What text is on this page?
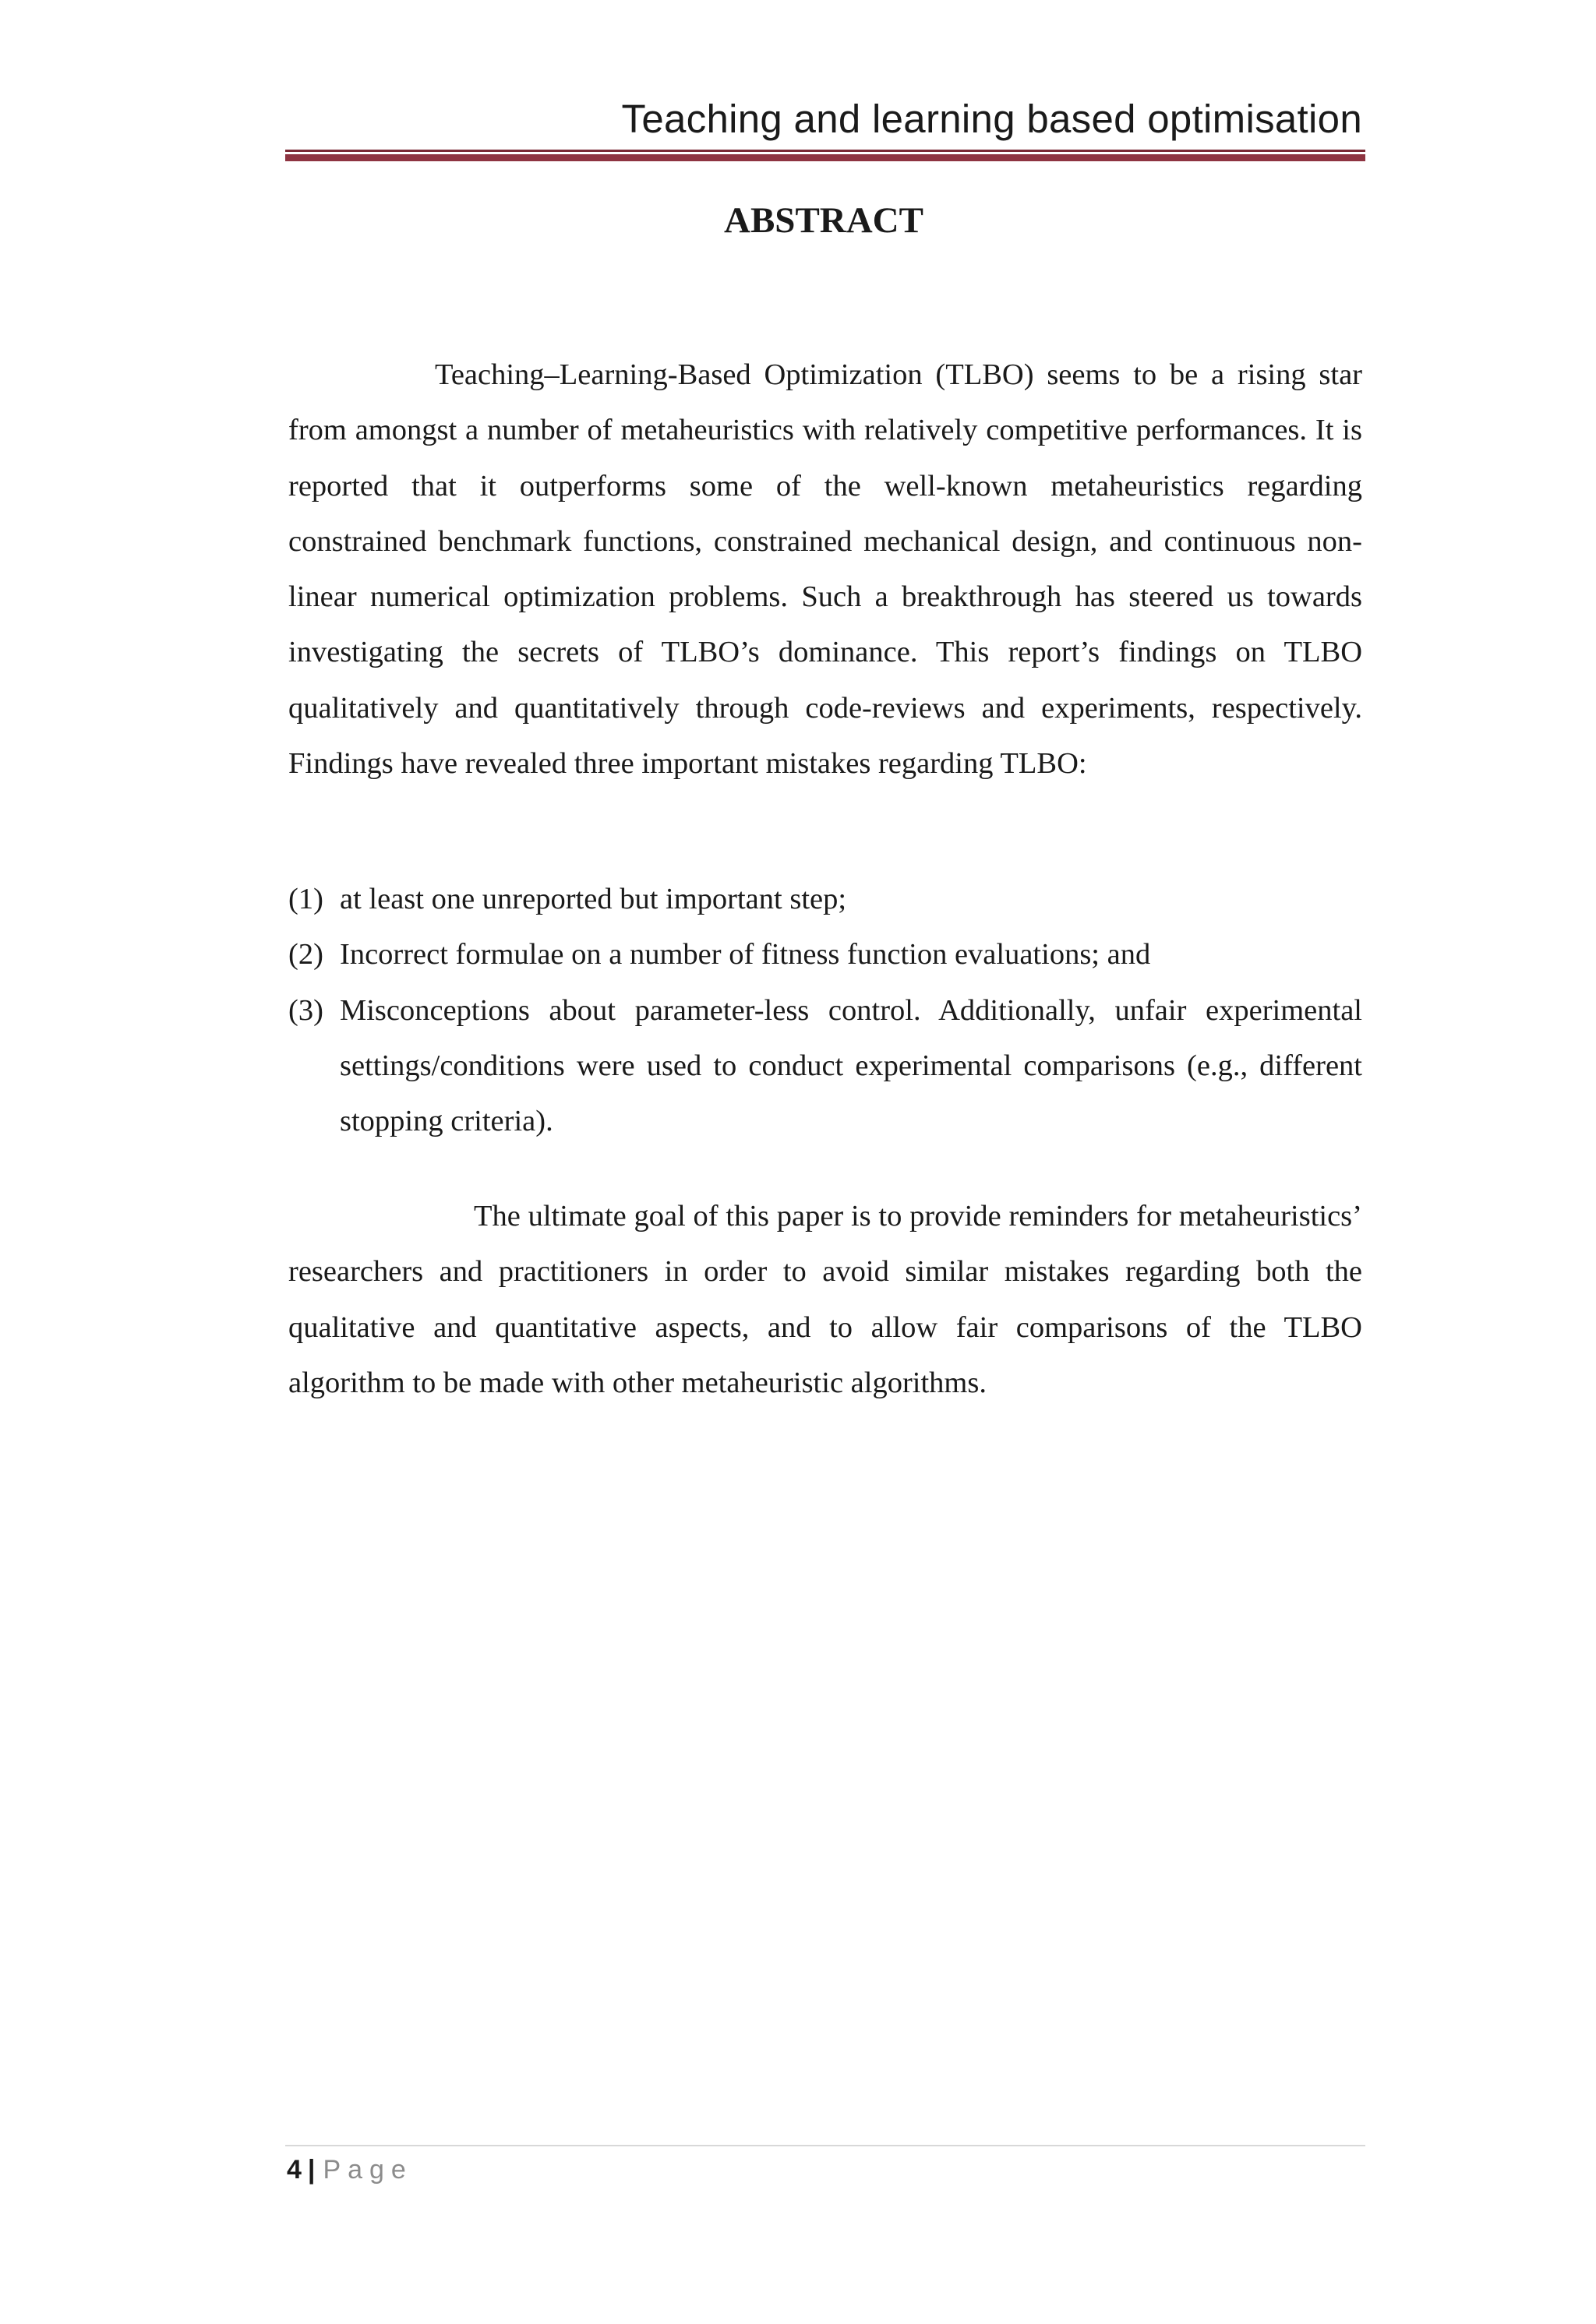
Teaching and learning based optimisation
ABSTRACT

Teaching–Learning-Based Optimization (TLBO) seems to be a rising star from amongst a number of metaheuristics with relatively competitive performances. It is reported that it outperforms some of the well-known metaheuristics regarding constrained benchmark functions, constrained mechanical design, and continuous non-linear numerical optimization problems. Such a breakthrough has steered us towards investigating the secrets of TLBO’s dominance. This report’s findings on TLBO qualitatively and quantitatively through code-reviews and experiments, respectively. Findings have revealed three important mistakes regarding TLBO:

(1) at least one unreported but important step;
(2) Incorrect formulae on a number of fitness function evaluations; and
(3) Misconceptions about parameter-less control. Additionally, unfair experimental settings/conditions were used to conduct experimental comparisons (e.g., different stopping criteria).

The ultimate goal of this paper is to provide reminders for metaheuristics’ researchers and practitioners in order to avoid similar mistakes regarding both the qualitative and quantitative aspects, and to allow fair comparisons of the TLBO algorithm to be made with other metaheuristic algorithms.

4 | Page
